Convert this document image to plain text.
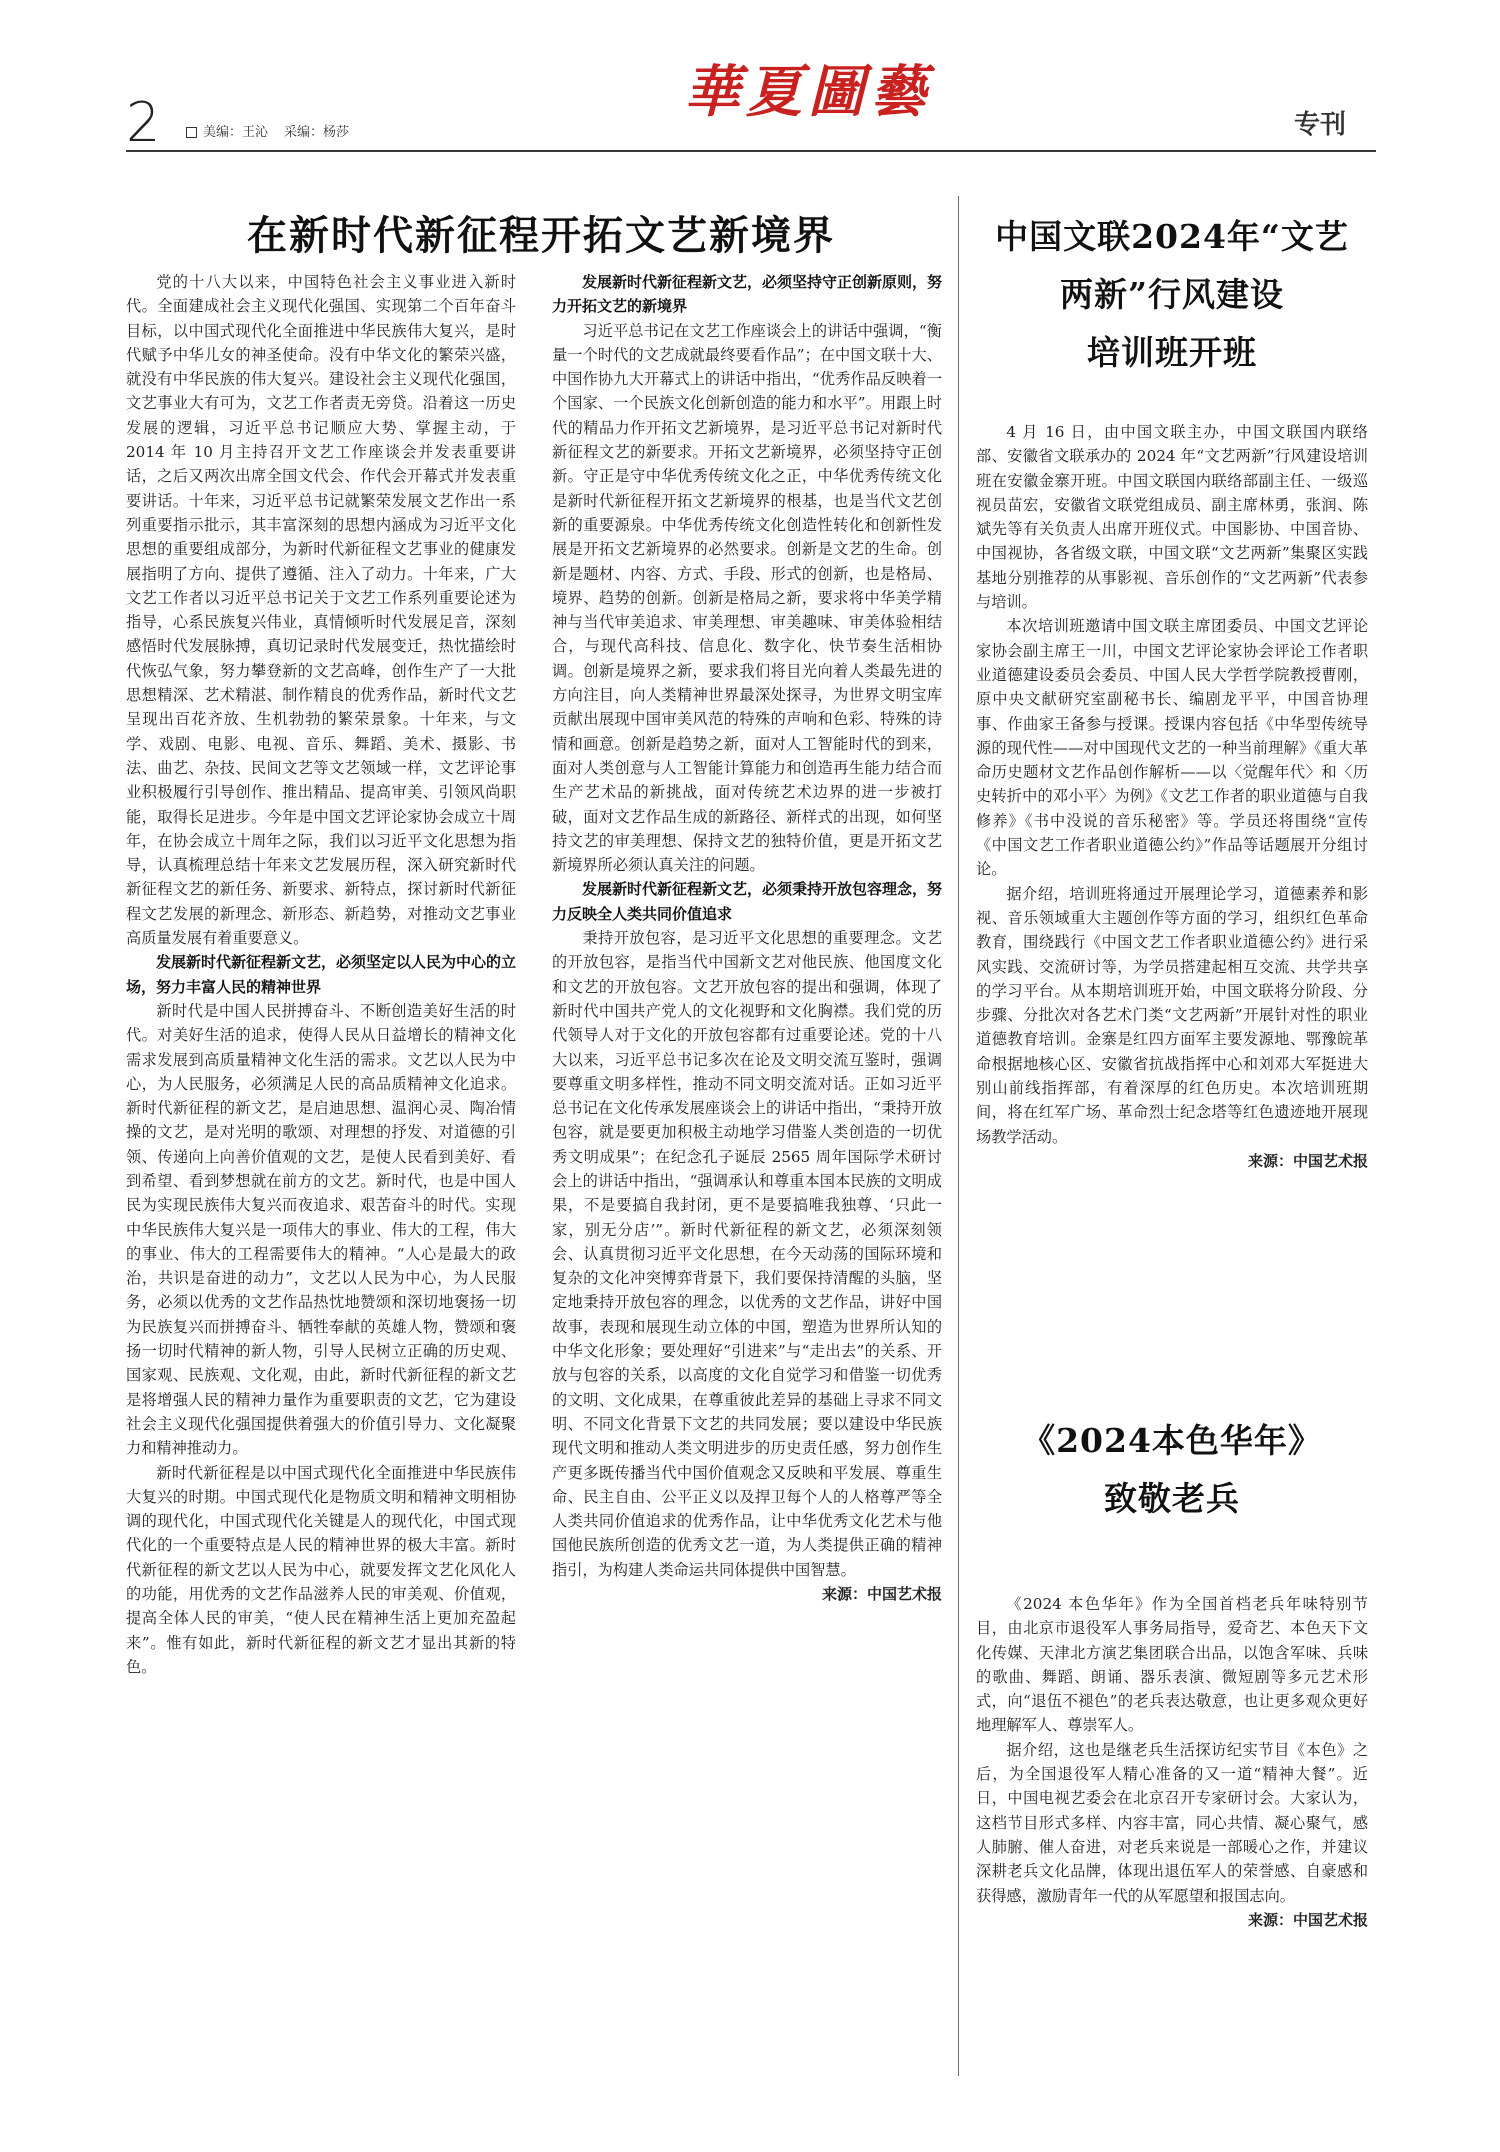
2	美编：王沁 采编：杨莎
華夏圖藝	专刊
在新时代新征程开拓文艺新境界

党的十八大以来，中国特色社会主义事业进入新时代。全面建成社会主义现代化强国、实现第二个百年奋斗目标，以中国式现代化全面推进中华民族伟大复兴，是时代赋予中华儿女的神圣使命。没有中华文化的繁荣兴盛，就没有中华民族的伟大复兴。建设社会主义现代化强国，文艺事业大有可为，文艺工作者责无旁贷。沿着这一历史发展的逻辑，习近平总书记顺应大势、掌握主动，于 2014 年 10 月主持召开文艺工作座谈会并发表重要讲话，之后又两次出席全国文代会、作代会开幕式并发表重要讲话。十年来，习近平总书记就繁荣发展文艺作出一系列重要指示批示，其丰富深刻的思想内涵成为习近平文化思想的重要组成部分，为新时代新征程文艺事业的健康发展指明了方向、提供了遵循、注入了动力。十年来，广大文艺工作者以习近平总书记关于文艺工作系列重要论述为指导，心系民族复兴伟业，真情倾听时代发展足音，深刻感悟时代发展脉搏，真切记录时代发展变迁，热忱描绘时代恢弘气象，努力攀登新的文艺高峰，创作生产了一大批思想精深、艺术精湛、制作精良的优秀作品，新时代文艺呈现出百花齐放、生机勃勃的繁荣景象。十年来，与文学、戏剧、电影、电视、音乐、舞蹈、美术、摄影、书法、曲艺、杂技、民间文艺等文艺领域一样，文艺评论事业积极履行引导创作、推出精品、提高审美、引领风尚职能，取得长足进步。今年是中国文艺评论家协会成立十周年，在协会成立十周年之际，我们以习近平文化思想为指导，认真梳理总结十年来文艺发展历程，深入研究新时代新征程文艺的新任务、新要求、新特点，探讨新时代新征程文艺发展的新理念、新形态、新趋势，对推动文艺事业高质量发展有着重要意义。

发展新时代新征程新文艺，必须坚定以人民为中心的立场，努力丰富人民的精神世界

新时代是中国人民拼搏奋斗、不断创造美好生活的时代。对美好生活的追求，使得人民从日益增长的精神文化需求发展到高质量精神文化生活的需求。文艺以人民为中心，为人民服务，必须满足人民的高品质精神文化追求。新时代新征程的新文艺，是启迪思想、温润心灵、陶冶情操的文艺，是对光明的歌颂、对理想的抒发、对道德的引领、传递向上向善价值观的文艺，是使人民看到美好、看到希望、看到梦想就在前方的文艺。新时代，也是中国人民为实现民族伟大复兴而夜追求、艰苦奋斗的时代。实现中华民族伟大复兴是一项伟大的事业、伟大的工程，伟大的事业、伟大的工程需要伟大的精神。“人心是最大的政治，共识是奋进的动力”，文艺以人民为中心，为人民服务，必须以优秀的文艺作品热忱地赞颂和深切地褒扬一切为民族复兴而拼搏奋斗、牺牲奉献的英雄人物，赞颂和褒扬一切时代精神的新人物，引导人民树立正确的历史观、国家观、民族观、文化观，由此，新时代新征程的新文艺是将增强人民的精神力量作为重要职责的文艺，它为建设社会主义现代化强国提供着强大的价值引导力、文化凝聚力和精神推动力。

新时代新征程是以中国式现代化全面推进中华民族伟大复兴的时期。中国式现代化是物质文明和精神文明相协调的现代化，中国式现代化关键是人的现代化，中国式现代化的一个重要特点是人民的精神世界的极大丰富。新时代新征程的新文艺以人民为中心，就要发挥文艺化风化人的功能，用优秀的文艺作品滋养人民的审美观、价值观，提高全体人民的审美，“使人民在精神生活上更加充盈起来”。惟有如此，新时代新征程的新文艺才显出其新的特色。

发展新时代新征程新文艺，必须坚持守正创新原则，努力开拓文艺的新境界

习近平总书记在文艺工作座谈会上的讲话中强调，“衡量一个时代的文艺成就最终要看作品”；在中国文联十大、中国作协九大开幕式上的讲话中指出，“优秀作品反映着一个国家、一个民族文化创新创造的能力和水平”。用跟上时代的精品力作开拓文艺新境界，是习近平总书记对新时代新征程文艺的新要求。开拓文艺新境界，必须坚持守正创新。守正是守中华优秀传统文化之正，中华优秀传统文化是新时代新征程开拓文艺新境界的根基，也是当代文艺创新的重要源泉。中华优秀传统文化创造性转化和创新性发展是开拓文艺新境界的必然要求。创新是文艺的生命。创新是题材、内容、方式、手段、形式的创新，也是格局、境界、趋势的创新。创新是格局之新，要求将中华美学精神与当代审美追求、审美理想、审美趣味、审美体验相结合，与现代高科技、信息化、数字化、快节奏生活相协调。创新是境界之新，要求我们将目光向着人类最先进的方向注目，向人类精神世界最深处探寻，为世界文明宝库贡献出展现中国审美风范的特殊的声响和色彩、特殊的诗情和画意。创新是趋势之新，面对人工智能时代的到来，面对人类创意与人工智能计算能力和创造再生能力结合而生产艺术品的新挑战，面对传统艺术边界的进一步被打破，面对文艺作品生成的新路径、新样式的出现，如何坚持文艺的审美理想、保持文艺的独特价值，更是开拓文艺新境界所必须认真关注的问题。

发展新时代新征程新文艺，必须秉持开放包容理念，努力反映全人类共同价值追求

秉持开放包容，是习近平文化思想的重要理念。文艺的开放包容，是指当代中国新文艺对他民族、他国度文化和文艺的开放包容。文艺开放包容的提出和强调，体现了新时代中国共产党人的文化视野和文化胸襟。我们党的历代领导人对于文化的开放包容都有过重要论述。党的十八大以来，习近平总书记多次在论及文明交流互鉴时，强调要尊重文明多样性，推动不同文明交流对话。正如习近平总书记在文化传承发展座谈会上的讲话中指出，“秉持开放包容，就是要更加积极主动地学习借鉴人类创造的一切优秀文明成果”；在纪念孔子诞辰 2565 周年国际学术研讨会上的讲话中指出，“强调承认和尊重本国本民族的文明成果，不是要搞自我封闭，更不是要搞唯我独尊、‘只此一家，别无分店’”。新时代新征程的新文艺，必须深刻领会、认真贯彻习近平文化思想，在今天动荡的国际环境和复杂的文化冲突博弈背景下，我们要保持清醒的头脑，坚定地秉持开放包容的理念，以优秀的文艺作品，讲好中国故事，表现和展现生动立体的中国，塑造为世界所认知的中华文化形象；要处理好“引进来”与“走出去”的关系、开放与包容的关系，以高度的文化自觉学习和借鉴一切优秀的文明、文化成果，在尊重彼此差异的基础上寻求不同文明、不同文化背景下文艺的共同发展；要以建设中华民族现代文明和推动人类文明进步的历史责任感，努力创作生产更多既传播当代中国价值观念又反映和平发展、尊重生命、民主自由、公平正义以及捍卫每个人的人格尊严等全人类共同价值追求的优秀作品，让中华优秀文化艺术与他国他民族所创造的优秀文艺一道，为人类提供正确的精神指引，为构建人类命运共同体提供中国智慧。

来源：中国艺术报

中国文联2024年“文艺
两新”行风建设
培训班开班

4 月 16 日，由中国文联主办，中国文联国内联络部、安徽省文联承办的 2024 年“文艺两新”行风建设培训班在安徽金寨开班。中国文联国内联络部副主任、一级巡视员苗宏，安徽省文联党组成员、副主席林勇，张润、陈斌先等有关负责人出席开班仪式。中国影协、中国音协、中国视协，各省级文联，中国文联“文艺两新”集聚区实践基地分别推荐的从事影视、音乐创作的“文艺两新”代表参与培训。

本次培训班邀请中国文联主席团委员、中国文艺评论家协会副主席王一川，中国文艺评论家协会评论工作者职业道德建设委员会委员、中国人民大学哲学院教授曹刚，原中央文献研究室副秘书长、编剧龙平平，中国音协理事、作曲家王备参与授课。授课内容包括《中华型传统导源的现代性——对中国现代文艺的一种当前理解》《重大革命历史题材文艺作品创作解析——以〈觉醒年代〉和〈历史转折中的邓小平〉为例》《文艺工作者的职业道德与自我修养》《书中没说的音乐秘密》等。学员还将围绕“宣传《中国文艺工作者职业道德公约》”作品等话题展开分组讨论。

据介绍，培训班将通过开展理论学习，道德素养和影视、音乐领域重大主题创作等方面的学习，组织红色革命教育，围绕践行《中国文艺工作者职业道德公约》进行采风实践、交流研讨等，为学员搭建起相互交流、共学共享的学习平台。从本期培训班开始，中国文联将分阶段、分步骤、分批次对各艺术门类“文艺两新”开展针对性的职业道德教育培训。金寨是红四方面军主要发源地、鄂豫皖革命根据地核心区、安徽省抗战指挥中心和刘邓大军挺进大别山前线指挥部，有着深厚的红色历史。本次培训班期间，将在红军广场、革命烈士纪念塔等红色遗迹地开展现场教学活动。

来源：中国艺术报

《2024本色华年》
致敬老兵

《2024 本色华年》作为全国首档老兵年味特别节目，由北京市退役军人事务局指导，爱奇艺、本色天下文化传媒、天津北方演艺集团联合出品，以饱含军味、兵味的歌曲、舞蹈、朗诵、器乐表演、微短剧等多元艺术形式，向“退伍不褪色”的老兵表达敬意，也让更多观众更好地理解军人、尊崇军人。

据介绍，这也是继老兵生活探访纪实节目《本色》之后，为全国退役军人精心准备的又一道“精神大餐”。近日，中国电视艺委会在北京召开专家研讨会。大家认为，这档节目形式多样、内容丰富，同心共情、凝心聚气，感人肺腑、催人奋进，对老兵来说是一部暖心之作，并建议深耕老兵文化品牌，体现出退伍军人的荣誉感、自豪感和获得感，激励青年一代的从军愿望和报国志向。

来源：中国艺术报
